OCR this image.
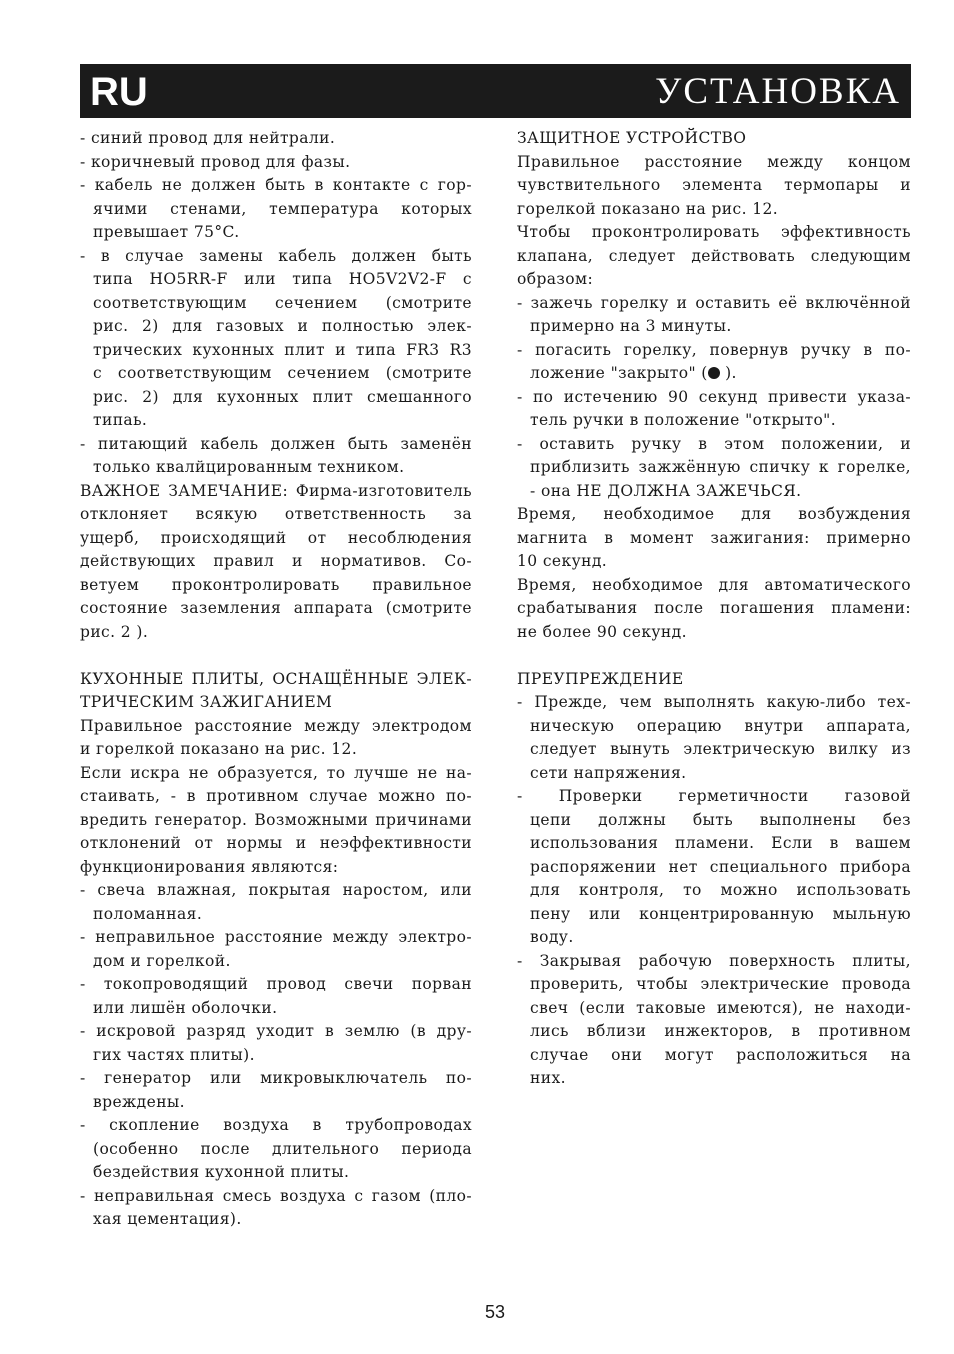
RU	УСТАНОВКА
- синий провод для нейтрали.
- коричневый провод для фазы.
- кабель не должен быть в контакте с гор-
ячими стенами, температура которых
превышает 75°C.
- в случае замены кабель должен быть
типа HO5RR-F или типа HO5V2V2-F с
соответствующим сечением (смотрите
рис. 2) для газовых и полностью элек-
трических кухонных плит и типа FR3 R3
с соответствующим сечением (смотрите
рис. 2) для кухонных плит смешанного
типаь.
- питающий кабель должен быть заменён
только квалйцированным техником.
ВАЖНОЕ ЗАМЕЧАНИЕ: Фирма-изготовитель
отклоняет всякую ответственность за
ущерб, происходящий от несоблюдения
действующих правил и нормативов. Со-
ветуем проконтролировать правильное
состояние заземления аппарата (смотрите
рис. 2 ).
КУХОННЫЕ ПЛИТЫ, ОСНАЩЁННЫЕ ЭЛЕК-
ТРИЧЕСКИМ ЗАЖИГАНИЕМ
Правильное расстояние между электродом
и горелкой показано на рис. 12.
Если искра не образуется, то лучше не на-
стаивать, - в противном случае можно по-
вредить генератор. Возможными причинами
отклонений от нормы и неэффективности
функционирования являются:
- свеча влажная, покрытая наростом, или
поломанная.
- неправильное расстояние между электро-
дом и горелкой.
- токопроводящий провод свечи порван
или лишён оболочки.
- искровой разряд уходит в землю (в дру-
гих частях плиты).
- генератор или микровыключатель по-
вреждены.
- скопление воздуха в трубопроводах
(особенно после длительного периода
бездействия кухонной плиты.
- неправильная смесь воздуха с газом (пло-
хая цементация).
ЗАЩИТНОЕ УСТРОЙСТВО
Правильное расстояние между концом
чувствительного элемента термопары и
горелкой показано на рис. 12.
Чтобы проконтролировать эффективность
клапана, следует действовать следующим
образом:
- зажечь горелку и оставить её включённой
примерно на 3 минуты.
- погасить горелку, повернув ручку в по-
ложение "закрыто" ( ).
- по истечению 90 секунд привести указа-
тель ручки в положение "открыто".
- оставить ручку в этом положении, и
приблизить зажжённую спичку к горелке,
- она НЕ ДОЛЖНА ЗАЖЕЧЬСЯ.
Время, необходимое для возбуждения
магнита в момент зажигания: примерно
10 секунд.
Время, необходимое для автоматического
срабатывания после погашения пламени:
не более 90 секунд.
ПРЕУПРЕЖДЕНИЕ
- Прежде, чем выполнять какую-либо тех-
ническую операцию внутри аппарата,
следует вынуть электрическую вилку из
сети напряжения.
- Проверки герметичности газовой
цепи должны быть выполнены без
использования пламени. Если в вашем
распоряжении нет специального прибора
для контроля, то можно использовать
пену или концентрированную мыльную
воду.
- Закрывая рабочую поверхность плиты,
проверить, чтобы электрические провода
свеч (если таковые имеются), не находи-
лись вблизи инжекторов, в противном
случае они могут расположиться на
них.
53
